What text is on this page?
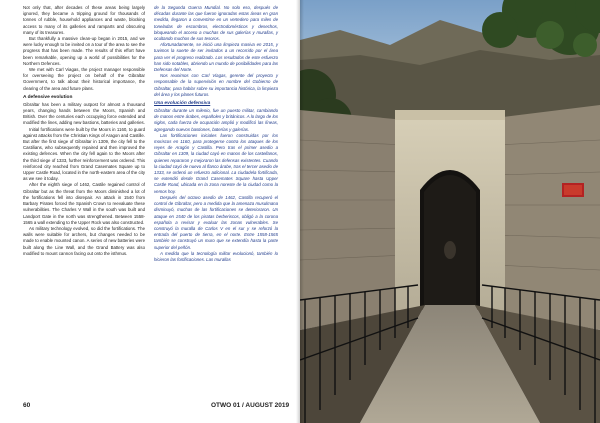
Not only that, after decades of these areas being largely ignored, they became a tripping ground for thousands of tonnes of rubble, household appliances and waste, blocking access to many of its galleries and ramparts and obscuring many of its treasures.

But thankfully a massive clean-up began in 2015, and we were lucky enough to be invited on a tour of the area to see the progress that has been made. The results of this effort have been remarkable, opening up a world of possibilities for the Northern Defences.

We met with Carl Viagas, the project manager responsible for overseeing the project on behalf of the Gibraltar Government, to talk about their historical importance, the clearing of the area and future plans.

A defensive evolution

Gibraltar has been a military outpost for almost a thousand years, changing hands between the Moors, Spanish and British. Over the centuries each occupying force extended and modified the lines, adding new bastions, batteries and galleries.

Initial fortifications were built by the Moors in 1160, to guard against attacks from the Christian Kings of Aragon and Castille. But after the first siege of Gibraltar in 1309, the city fell to the Castilians, who subsequently repaired and then improved the existing defences. When the city fell again to the Moors after the third siege of 1333, further reinforcement was ordered. This reinforced city reached from Grand Casemates Square up to Upper Castle Road, located in the north-eastern area of the city as we see it today.

After the eighth siege of 1462, Castile regained control of Gibraltar but as the threat from the Moors diminished a lot of the fortifications fell into disrepair. An attack in 1540 from Barbary Pirates forced the Spanish Crown to reevaluate these vulnerabilities. The Charles V Wall in the south was built and Landport Gate in the north was strengthened. Between 1558-1565 a wall extending to the Upper Rock was also constructed.

As military technology evolved, so did the fortifications. The walls were suitable for archers, but changes needed to be made to enable mounted canon. A series of new batteries were built along the Line Wall, and the Grand Battery was also modified to mount cannon facing out onto the isthmus.

de la Segunda Guerra Mundial. No solo eso, después de décadas durante las que fueron ignoradas estas áreas en gran medida, llegaron a convertirse en un vertedero para miles de toneladas de escombros, electrodomésticos y desechos, bloqueando el acceso a muchas de sus galerías y murallas, y ocultando muchos de sus tesoros.

Afortunadamente, se inició una limpieza masiva en 2015, y tuvimos la suerte de ser invitados a un recorrido por el área para ver el progreso realizado. Los resultados de este esfuerzo han sido notables, abriendo un mundo de posibilidades para las Defensas del Norte.

Nos reunimos con Carl Viagas, gerente del proyecto y responsable de la supervisión en nombre del Gobierno de Gibraltar, para hablar sobre su importancia histórica, la limpieza del área y los planes futuros.

Una evolución defensiva

Gibraltar durante un milenio, fue un puesto militar, cambiando de manos entre árabes, españoles y británicos. A lo largo de los siglos, cada fuerza de ocupación amplió y modificó las líneas, agregando nuevos bastiones, baterías y galerías.

Las fortificaciones iniciales fueron construidas por los moriscos en 1160, para protegerse contra los ataques de los reyes de Aragón y Castilla. Pero tras el primer asedio a Gibraltar en 1309, la ciudad cayó en manos de los castellanos, quienes repararon y mejoraron las defensas existentes. Cuando la ciudad cayó de nuevo al flanco árabe, tras el tercer asedio de 1333, se ordenó un refuerzo adicional. La ciudadela fortificada, se extendió desde Grand Casemates Square hasta Upper Castle Road, ubicada en la zona noreste de la ciudad como la vemos hoy.

Después del octavo asedio de 1462, Castilla recuperó el control de Gibraltar, pero a medida que la amenaza musulmana disminuyó, muchas de las fortificaciones se deterioraron. Un ataque en 1540 de los piratas berberiscos, obligó a la corona española a revisar y evaluar las zonas vulnerables. Se construyó la muralla de Carlos V en el sur y se reforzó la entrada del puerto de tierra, en el norte. Entre 1558-1565 también se construyó un muro que se extendía hasta la parte superior del peñón.

A medida que la tecnología militar evolucionó, también lo hicieron las fortificaciones. Las murallas

60	OTWO 01 / AUGUST 2019
